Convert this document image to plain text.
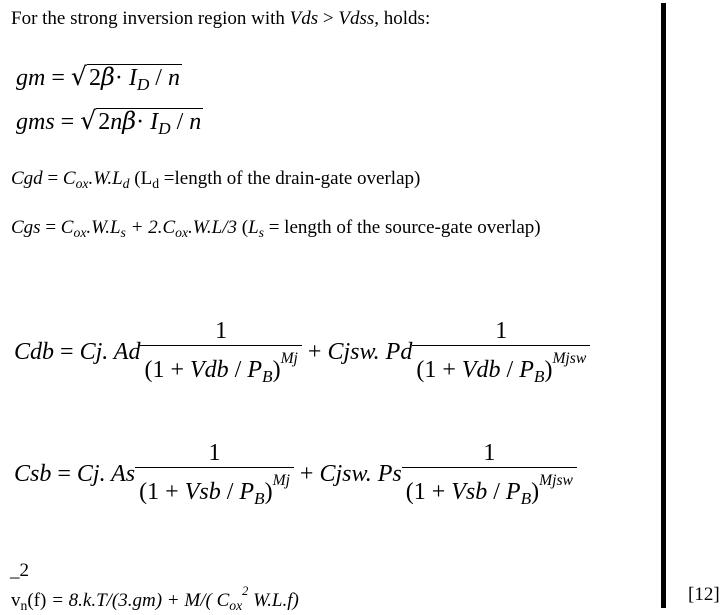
For the strong inversion region with Vds > Vdss, holds:
gm = $√2\beta\cdot I_D / n$
gms = $√2n\beta\cdot I_D / n$
Cgd = $C_{ox}.W.L_d$ ($L_d$ =length of the drain-gate overlap)
Cgs = $C_{ox}.W.L_s + 2.C_{ox}.W.L/3$ ($L_s$ = length of the source-gate overlap)
Cdb = Cj. Ad $\frac{1}{(1 + Vdb / P_B)^{Mj}}$ + Cjsw. Pd $\frac{1}{(1 + Vdb / P_B)^{Mjsw}}$
Csb = Cj. As $\frac{1}{(1 + Vsb / P_B)^{Mj}}$ + Cjsw. Ps $\frac{1}{(1 + Vsb / P_B)^{Mjsw}}$
_2
$v_n(f) = 8.k.T/(3.gm) + M/$( $C_{ox}^2$ W.L.f)	[12]
